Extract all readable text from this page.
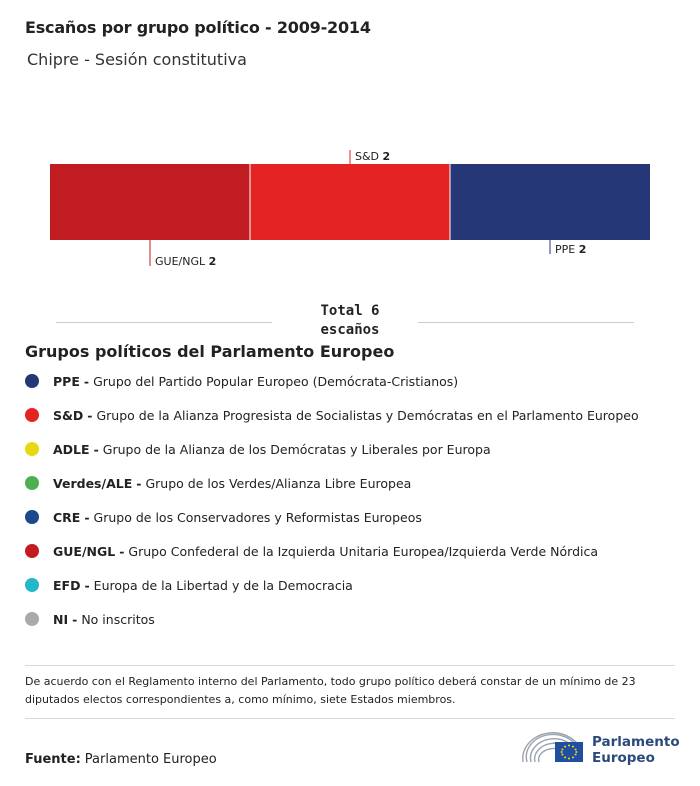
Escaños por grupo político - 2009-2014
Chipre - Sesión constitutiva
GUE/NGL 2
S&D 2
PPE 2
Total 6
escaños
Grupos políticos del Parlamento Europeo
PPE - Grupo del Partido Popular Europeo (Demócrata-Cristianos)
S&D - Grupo de la Alianza Progresista de Socialistas y Demócratas en el Parlamento Europeo
ADLE - Grupo de la Alianza de los Demócratas y Liberales por Europa
Verdes/ALE - Grupo de los Verdes/Alianza Libre Europea
CRE - Grupo de los Conservadores y Reformistas Europeos
GUE/NGL - Grupo Confederal de la Izquierda Unitaria Europea/Izquierda Verde Nórdica
EFD - Europa de la Libertad y de la Democracia
NI - No inscritos
De acuerdo con el Reglamento interno del Parlamento, todo grupo político deberá constar de un mínimo de 23 diputados electos correspondientes a, como mínimo, siete Estados miembros.
Fuente: Parlamento Europeo
Parlamento
Europeo
